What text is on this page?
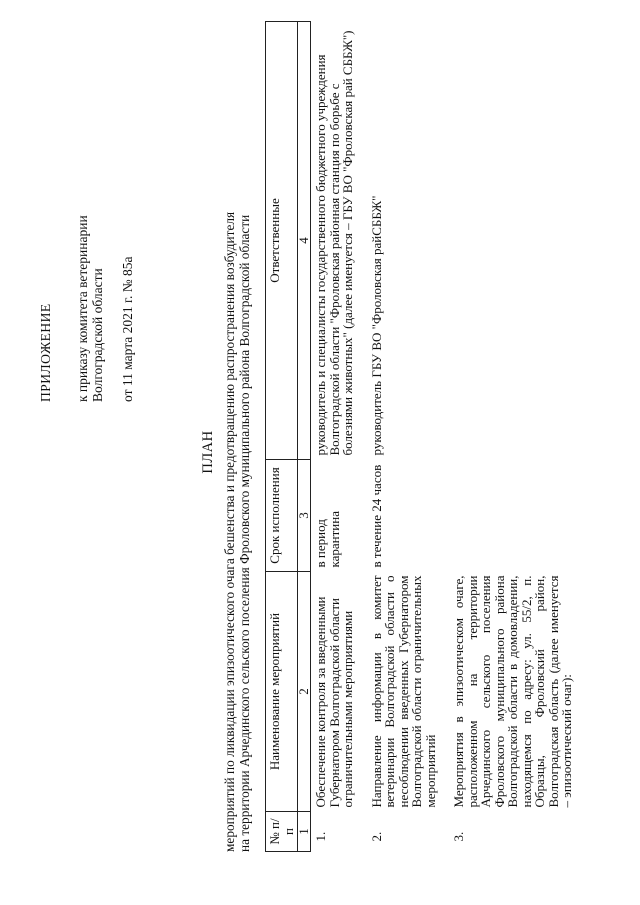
ПРИЛОЖЕНИЕ к приказу комитета ветеринарии Волгоградской области от 11 марта 2021 г. № 85а
ПЛАН мероприятий по ликвидации эпизоотического очага бешенства и предотвращению распространения возбудителя на территории Арчединского сельского поселения Фроловского муниципального района Волгоградской области № п/п	Наименование мероприятий	Срок исполнения	Ответственные
1	2	3	4
1.	Обеспечение контроля за введенными Губернатором Волгоградской области ограничительными мероприятиями	в период карантина	руководитель и специалисты государственного бюджетного учреждения Волгоградской области "Фроловская районная станция по борьбе с болезнями животных" (далее именуется – ГБУ ВО "Фроловская рай СББЖ")
2.	Направление информации в комитет ветеринарии Волгоградской области о несоблюдении введенных Губернатором Волгоградской области ограничительных мероприятий	в течение 24 часов	руководитель ГБУ ВО "Фроловская райСББЖ"
3.	Мероприятия в эпизоотическом очаге, расположенном на территории Арчединского сельского поселения Фроловского муниципального района Волгоградской области в домовладении, находящемся по адресу: ул. 55/2, п. Образцы, Фроловский район, Волгоградская область (далее именуется – эпизоотический очаг):		
